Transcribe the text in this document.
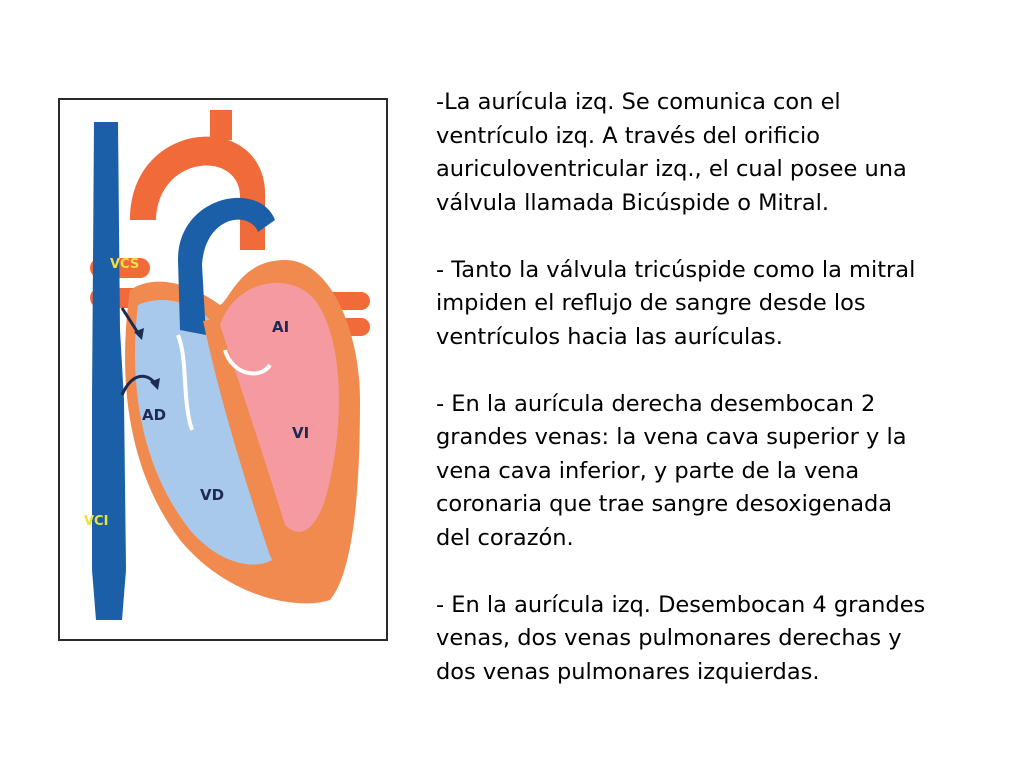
VCS
VCI
AD
AI
VD
VI

-La aurícula izq. Se comunica con el
ventrículo izq. A través del orificio
auriculoventricular izq., el cual posee una
válvula llamada Bicúspide o Mitral.

- Tanto la válvula tricúspide como la mitral
impiden el reflujo de sangre desde los
ventrículos hacia las aurículas.

- En la aurícula derecha desembocan 2
grandes venas: la vena cava superior y la
vena cava inferior, y parte de la vena
coronaria que trae sangre desoxigenada
del corazón.

- En la aurícula izq. Desembocan 4 grandes
venas, dos venas pulmonares derechas y
dos venas pulmonares izquierdas.
